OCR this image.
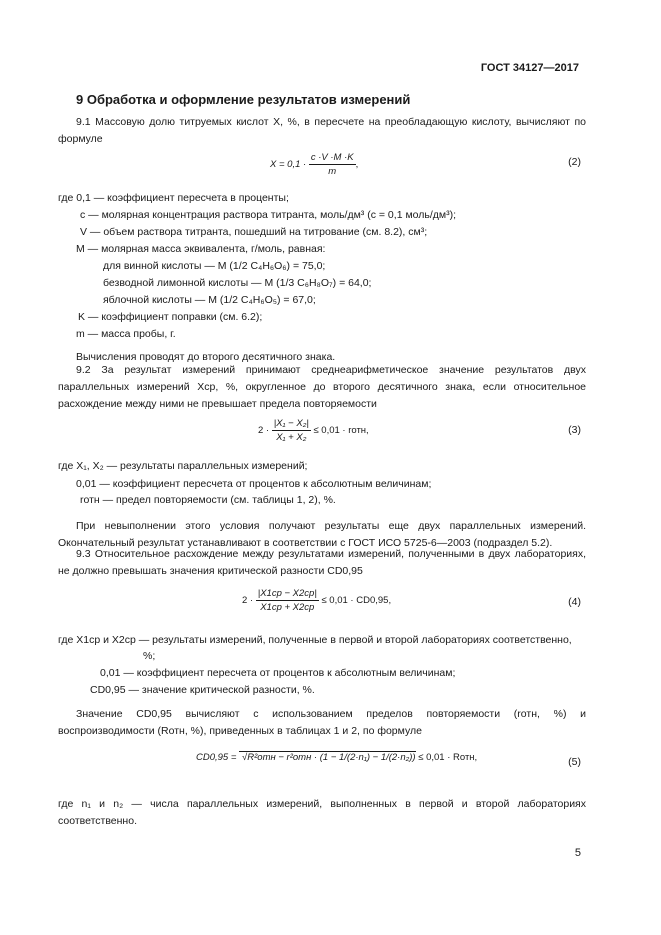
ГОСТ 34127—2017
9 Обработка и оформление результатов измерений
9.1 Массовую долю титруемых кислот X, %, в пересчете на преобладающую кислоту, вычисляют по формуле
$X = 0,1 \cdot \frac{c \cdot V \cdot M \cdot K}{m}$ ,	(2)
где 0,1 — коэффициент пересчета в проценты;
c — молярная концентрация раствора титранта, моль/дм³ (c = 0,1 моль/дм³);
V — объем раствора титранта, пошедший на титрование (см. 8.2), см³;
M — молярная масса эквивалента, г/моль, равная:
для винной кислоты — M (1/2 C₄H₆O₆) = 75,0;
безводной лимонной кислоты — M (1/3 C₆H₈O₇) = 64,0;
яблочной кислоты — M (1/2 C₄H₆O₅) = 67,0;
K — коэффициент поправки (см. 6.2);
m — масса пробы, г.
Вычисления проводят до второго десятичного знака.
9.2 За результат измерений принимают среднеарифметическое значение результатов двух параллельных измерений Xср, %, округленное до второго десятичного знака, если относительное расхождение между ними не превышает предела повторяемости
$2 \cdot \frac{\text{|X₁ − X₂|}}{\text{X₁ + X₂}} \le 0,01$ · rотн,	(3)
где X₁, X₂ — результаты параллельных измерений;
0,01 — коэффициент пересчета от процентов к абсолютным величинам;
rотн — предел повторяемости (см. таблицы 1, 2), %.
При невыполнении этого условия получают результаты еще двух параллельных измерений. Окончательный результат устанавливают в соответствии с ГОСТ ИСО 5725-6—2003 (подраздел 5.2).
9.3 Относительное расхождение между результатами измерений, полученными в двух лабораториях, не должно превышать значения критической разности CD0,95
$2 \cdot \frac{|X1ср - X2ср|}{X1ср + X2ср} \le 0,01 \cdot CD0,95$,	(4)
где X1ср и X2ср — результаты измерений, полученные в первой и второй лабораториях соответственно,
%;
0,01 — коэффициент пересчета от процентов к абсолютным величинам;
CD0,95 — значение критической разности, %.
Значение CD0,95 вычисляют с использованием пределов повторяемости (rотн, %) и воспроизводимости (Rотн, %), приведенных в таблицах 1 и 2, по формуле
CD0,95 = √R²отн − r²отн · (1 − 1/(2·n₁) − 1/(2·n₂)) ≤ 0,01 · Rотн,	(5)
где n₁ и n₂ — числа параллельных измерений, выполненных в первой и второй лабораториях соответственно.
5
